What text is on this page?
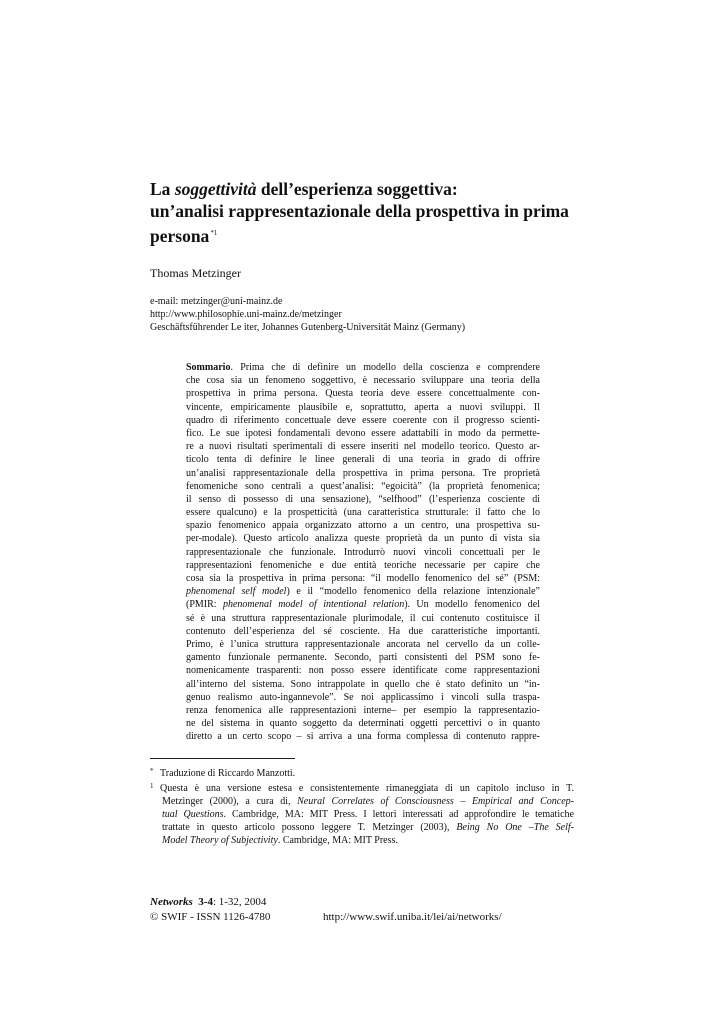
La soggettività dell’esperienza soggettiva:
un’analisi rappresentazionale della prospettiva in prima
persona$^{*1}$
Thomas Metzinger
e-mail: metzinger@uni-mainz.de
http://www.philosophie.uni-mainz.de/metzinger
Geschäftsführender Le iter, Johannes Gutenberg-Universität Mainz (Germany)
Sommario. Prima che di definire un modello della coscienza e comprendere
che cosa sia un fenomeno soggettivo, è necessario sviluppare una teoria della
prospettiva in prima persona. Questa teoria deve essere concettualmente con-
vincente, empiricamente plausibile e, soprattutto, aperta a nuovi sviluppi. Il
quadro di riferimento concettuale deve essere coerente con il progresso scienti-
fico. Le sue ipotesi fondamentali devono essere adattabili in modo da permette-
re a nuovi risultati sperimentali di essere inseriti nel modello teorico. Questo ar-
ticolo tenta di definire le linee generali di una teoria in grado di offrire
un’analisi rappresentazionale della prospettiva in prima persona. Tre proprietà
fenomeniche sono centrali a quest’analisi: “egoicità” (la proprietà fenomenica;
il senso di possesso di una sensazione), “selfhood” (l’esperienza cosciente di
essere qualcuno) e la prospetticità (una caratteristica strutturale: il fatto che lo
spazio fenomenico appaia organizzato attorno a un centro, una prospettiva su-
per-modale). Questo articolo analizza queste proprietà da un punto di vista sia
rappresentazionale che funzionale. Introdurrò nuovi vincoli concettuali per le
rappresentazioni fenomeniche e due entità teoriche necessarie per capire che
cosa sia la prospettiva in prima persona: “il modello fenomenico del sé” (PSM:
phenomenal self model) e il “modello fenomenico della relazione intenzionale”
(PMIR: phenomenal model of intentional relation). Un modello fenomenico del
sé è una struttura rappresentazionale plurimodale, il cui contenuto costituisce il
contenuto dell’esperienza del sé cosciente. Ha due caratteristiche importanti.
Primo, è l’unica struttura rappresentazionale ancorata nel cervello da un colle-
gamento funzionale permanente. Secondo, parti consistenti del PSM sono fe-
nomenicamente trasparenti: non posso essere identificate come rappresentazioni
all’interno del sistema. Sono intrappolate in quello che è stato definito un “in-
genuo realismo auto-ingannevole”. Se noi applicassimo i vincoli sulla traspa-
renza fenomenica alle rappresentazioni interne– per esempio la rappresentazio-
ne del sistema in quanto soggetto da determinati oggetti percettivi o in quanto
diretto a un certo scopo – si arriva a una forma complessa di contenuto rappre-
* Traduzione di Riccardo Manzotti.
1 Questa è una versione estesa e consistentemente rimaneggiata di un capitolo incluso in T.
Metzinger (2000), a cura di, Neural Correlates of Consciousness – Empirical and Concep-
tual Questions. Cambridge, MA: MIT Press. I lettori interessati ad approfondire le tematiche
trattate in questo articolo possono leggere T. Metzinger (2003), Being No One –The Self-
Model Theory of Subjectivity. Cambridge, MA: MIT Press.
Networks 3-4: 1-32, 2004
© SWIF - ISSN 1126-4780	http://www.swif.uniba.it/lei/ai/networks/
